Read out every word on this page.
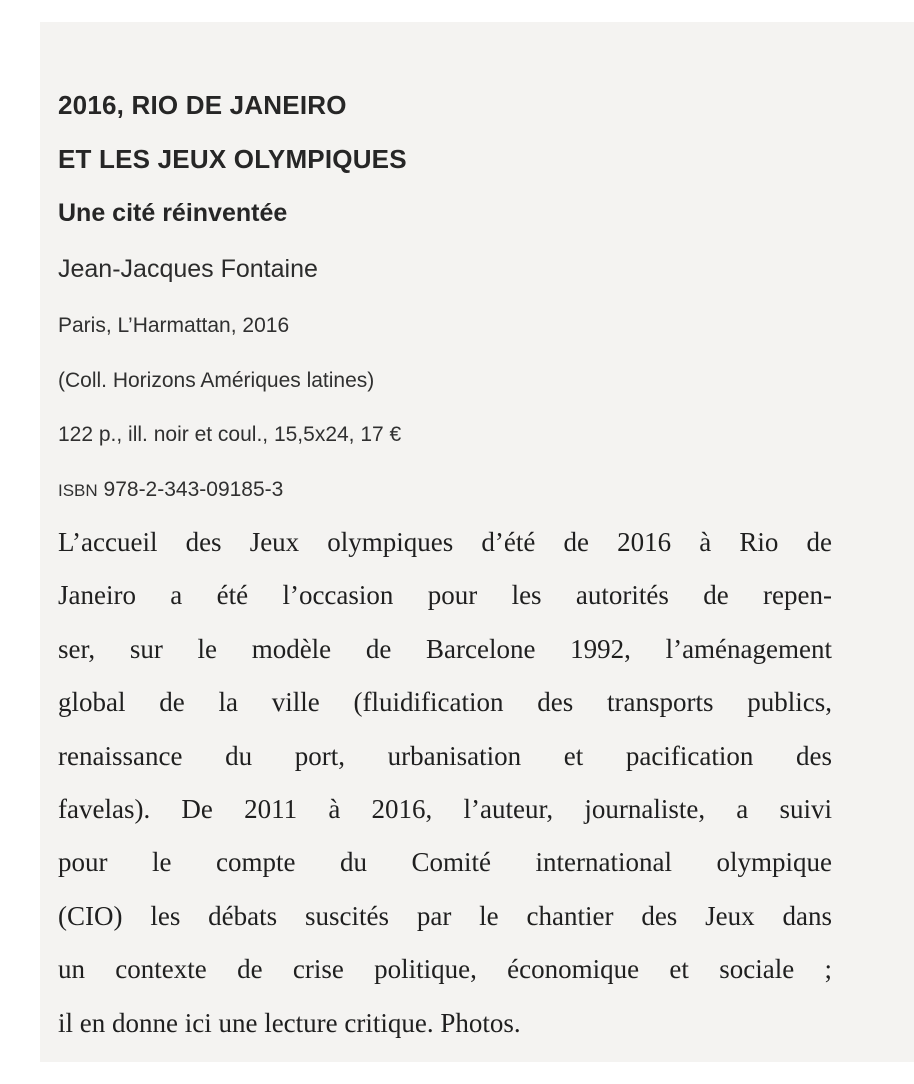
2016, RIO DE JANEIRO
ET LES JEUX OLYMPIQUES
Une cité réinventée
Jean-Jacques Fontaine
Paris, L’Harmattan, 2016
(Coll. Horizons Amériques latines)
122 p., ill. noir et coul., 15,5x24, 17 €
ISBN 978-2-343-09185-3
L’accueil des Jeux olympiques d’été de 2016 à Rio de
Janeiro a été l’occasion pour les autorités de repen-
ser, sur le modèle de Barcelone 1992, l’aménagement
global de la ville (fluidification des transports publics,
renaissance du port, urbanisation et pacification des
favelas). De 2011 à 2016, l’auteur, journaliste, a suivi
pour le compte du Comité international olympique
(CIO) les débats suscités par le chantier des Jeux dans
un contexte de crise politique, économique et sociale ;
il en donne ici une lecture critique. Photos.
